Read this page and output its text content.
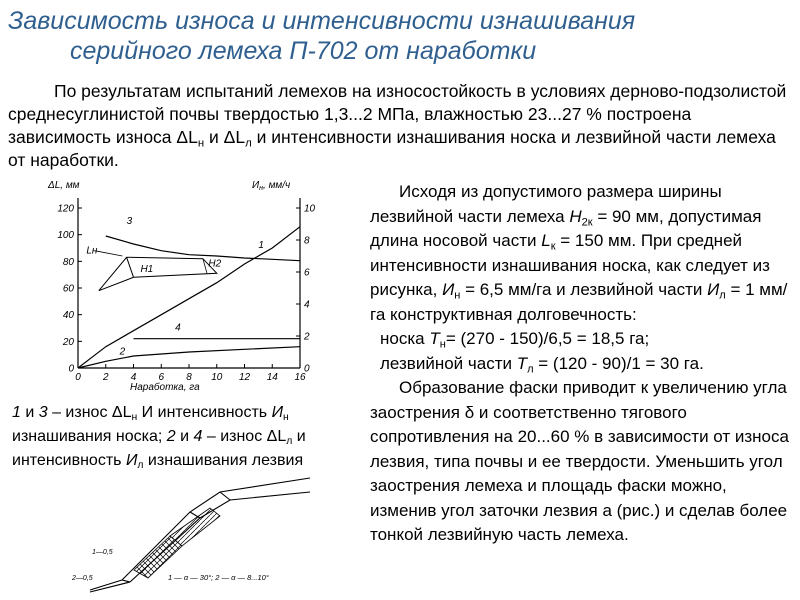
Зависимость износа и интенсивности изнашивания
серийного лемеха П-702 от наработки

По результатам испытаний лемехов на износостойкость в условиях дерново-подзолистой среднесуглинистой почвы твердостью 1,3...2 МПа, влажностью 23...27 % построена зависимость износа $\Delta L_н$ и $\Delta L_л$ и интенсивности изнашивания носка и лезвийной части лемеха от наработки.

0 2 4 6 8 10 12 14 16
0
20
40
60
80
100
120
0
2
4
6
8
10
1
2
3
4
Lн
H1	H2
ΔL, мм	$И_н$, мм/ч
Наработка, га

1 и 3 – износ $\Delta L_н$ И интенсивность $И_н$ изнашивания носка; 2 и 4 – износ $\Delta L_л$ и интенсивность $И_л$ изнашивания лезвия

1—0,5
2—0,5	1 — α — 30°; 2 — α — 8...10°

Исходя из допустимого размера ширины лезвийной части лемеха $H_{2к} = 90$ мм, допустимая длина носовой части $L_к = 150$ мм. При средней интенсивности изнашивания носка, как следует из рисунка, $И_н = 6,5$ мм/га и лезвийной части $И_л = 1$ мм/га конструктивная долговечность:

носка $T_н= (270 - 150)/6,5 = 18,5$ га;

лезвийной части $T_л = (120 - 90)/1 = 30$ га.

Образование фаски приводит к увеличению угла заострения δ и соответственно тягового сопротивления на 20...60 % в зависимости от износа лезвия, типа почвы и ее твердости. Уменьшить угол заострения лемеха и площадь фаски можно, изменив угол заточки лезвия а (рис.) и сделав более тонкой лезвийную часть лемеха.
